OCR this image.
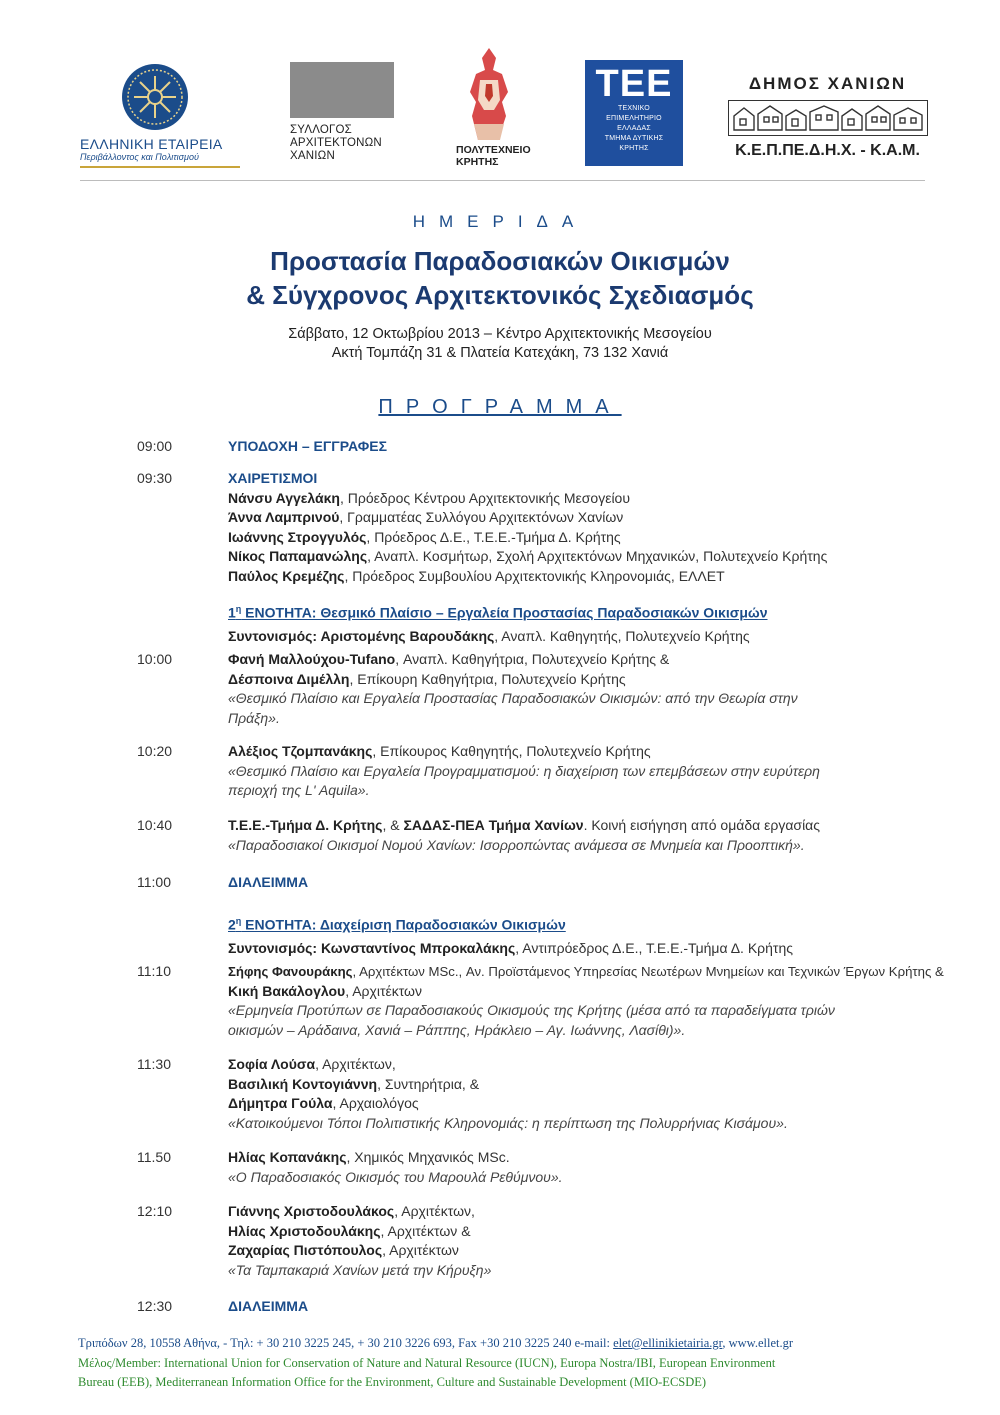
ΕΛΛΗΝΙΚΗ ΕΤΑΙΡΕΙΑ
Περιβάλλοντος και Πολιτισμού
ΣΥΛΛΟΓΟΣ
ΑΡΧΙΤΕΚΤΟΝΩΝ
ΧΑΝΙΩΝ	ΠΟΛΥΤΕΧΝΕΙΟ
ΚΡΗΤΗΣ
TEE
ΤΕΧΝΙΚΟ
ΕΠΙΜΕΛΗΤΗΡΙΟ
ΕΛΛΑΔΑΣ
ΤΜΗΜΑ ΔΥΤΙΚΗΣ
ΚΡΗΤΗΣ
ΔΗΜΟΣ ΧΑΝΙΩΝ
Κ.Ε.Π.ΠΕ.Δ.Η.Χ. - Κ.Α.Μ.
ΗΜΕΡΙΔΑ
Προστασία Παραδοσιακών Οικισμών
& Σύγχρονος Αρχιτεκτονικός Σχεδιασμός
Σάββατο, 12 Οκτωβρίου 2013 – Κέντρο Αρχιτεκτονικής Μεσογείου
Ακτή Τομπάζη 31 & Πλατεία Κατεχάκη, 73 132 Χανιά
ΠΡΟΓΡΑΜΜΑ
09:00	ΥΠΟΔΟΧΗ – ΕΓΓΡΑΦΕΣ
09:30	ΧΑΙΡΕΤΙΣΜΟΙ
Νάνσυ Αγγελάκη, Πρόεδρος Κέντρου Αρχιτεκτονικής Μεσογείου
Άννα Λαμπρινού, Γραμματέας Συλλόγου Αρχιτεκτόνων Χανίων
Ιωάννης Στρογγυλός, Πρόεδρος Δ.Ε., Τ.Ε.Ε.-Τμήμα Δ. Κρήτης
Νίκος Παπαμανώλης, Αναπλ. Κοσμήτωρ, Σχολή Αρχιτεκτόνων Μηχανικών, Πολυτεχνείο Κρήτης
Παύλος Κρεμέζης, Πρόεδρος Συμβουλίου Αρχιτεκτονικής Κληρονομιάς, ΕΛΛΕΤ
$1^\eta$ ΕΝΟΤΗΤΑ: Θεσμικό Πλαίσιο – Εργαλεία Προστασίας Παραδοσιακών Οικισμών
Συντονισμός: Αριστομένης Βαρουδάκης, Αναπλ. Καθηγητής, Πολυτεχνείο Κρήτης
10:00	Φανή Μαλλούχου-Tufano, Αναπλ. Καθηγήτρια, Πολυτεχνείο Κρήτης &
Δέσποινα Διμέλλη, Επίκουρη Καθηγήτρια, Πολυτεχνείο Κρήτης
«Θεσμικό Πλαίσιο και Εργαλεία Προστασίας Παραδοσιακών Οικισμών: από την Θεωρία στην
Πράξη».
10:20	Αλέξιος Τζομπανάκης, Επίκουρος Καθηγητής, Πολυτεχνείο Κρήτης
«Θεσμικό Πλαίσιο και Εργαλεία Προγραμματισμού: η διαχείριση των επεμβάσεων στην ευρύτερη
περιοχή της L' Aquila».
10:40	Τ.Ε.Ε.-Τμήμα Δ. Κρήτης, & ΣΑΔΑΣ-ΠΕΑ Τμήμα Χανίων. Κοινή εισήγηση από ομάδα εργασίας
«Παραδοσιακοί Οικισμοί Νομού Χανίων: Ισορροπώντας ανάμεσα σε Μνημεία και Προοπτική».
11:00	ΔΙΑΛΕΙΜΜΑ
$2^\eta$ ΕΝΟΤΗΤΑ: Διαχείριση Παραδοσιακών Οικισμών
Συντονισμός: Κωνσταντίνος Μπροκαλάκης, Αντιπρόεδρος Δ.Ε., Τ.Ε.Ε.-Τμήμα Δ. Κρήτης
11:10	Σήφης Φανουράκης, Αρχιτέκτων MSc., Αν. Προϊστάμενος Υπηρεσίας Νεωτέρων Μνημείων και Τεχνικών Έργων Κρήτης &
Κική Βακάλογλου, Αρχιτέκτων
«Ερμηνεία Προτύπων σε Παραδοσιακούς Οικισμούς της Κρήτης (μέσα από τα παραδείγματα τριών
οικισμών – Αράδαινα, Χανιά – Ράππης, Ηράκλειο – Αγ. Ιωάννης, Λασίθι)».
11:30	Σοφία Λούσα, Αρχιτέκτων,
Βασιλική Κοντογιάννη, Συντηρήτρια, &
Δήμητρα Γούλα, Αρχαιολόγος
«Κατοικούμενοι Τόποι Πολιτιστικής Κληρονομιάς: η περίπτωση της Πολυρρήνιας Κισάμου».
11.50	Ηλίας Κοπανάκης, Χημικός Μηχανικός MSc.
«Ο Παραδοσιακός Οικισμός του Μαρουλά Ρεθύμνου».
12:10	Γιάννης Χριστοδουλάκος, Αρχιτέκτων,
Ηλίας Χριστοδουλάκης, Αρχιτέκτων &
Ζαχαρίας Πιστόπουλος, Αρχιτέκτων
«Τα Ταμπακαριά Χανίων μετά την Κήρυξη»
12:30	ΔΙΑΛΕΙΜΜΑ
Τριπόδων 28, 10558 Αθήνα, - Τηλ: + 30 210 3225 245, + 30 210 3226 693, Fax +30 210 3225 240 e-mail: elet@ellinikietairia.gr, www.ellet.gr
Μέλος/Member: International Union for Conservation of Nature and Natural Resource (IUCN), Europa Nostra/IBI, European Environment
Bureau (EEB), Mediterranean Information Office for the Environment, Culture and Sustainable Development (MIO-ECSDE)
